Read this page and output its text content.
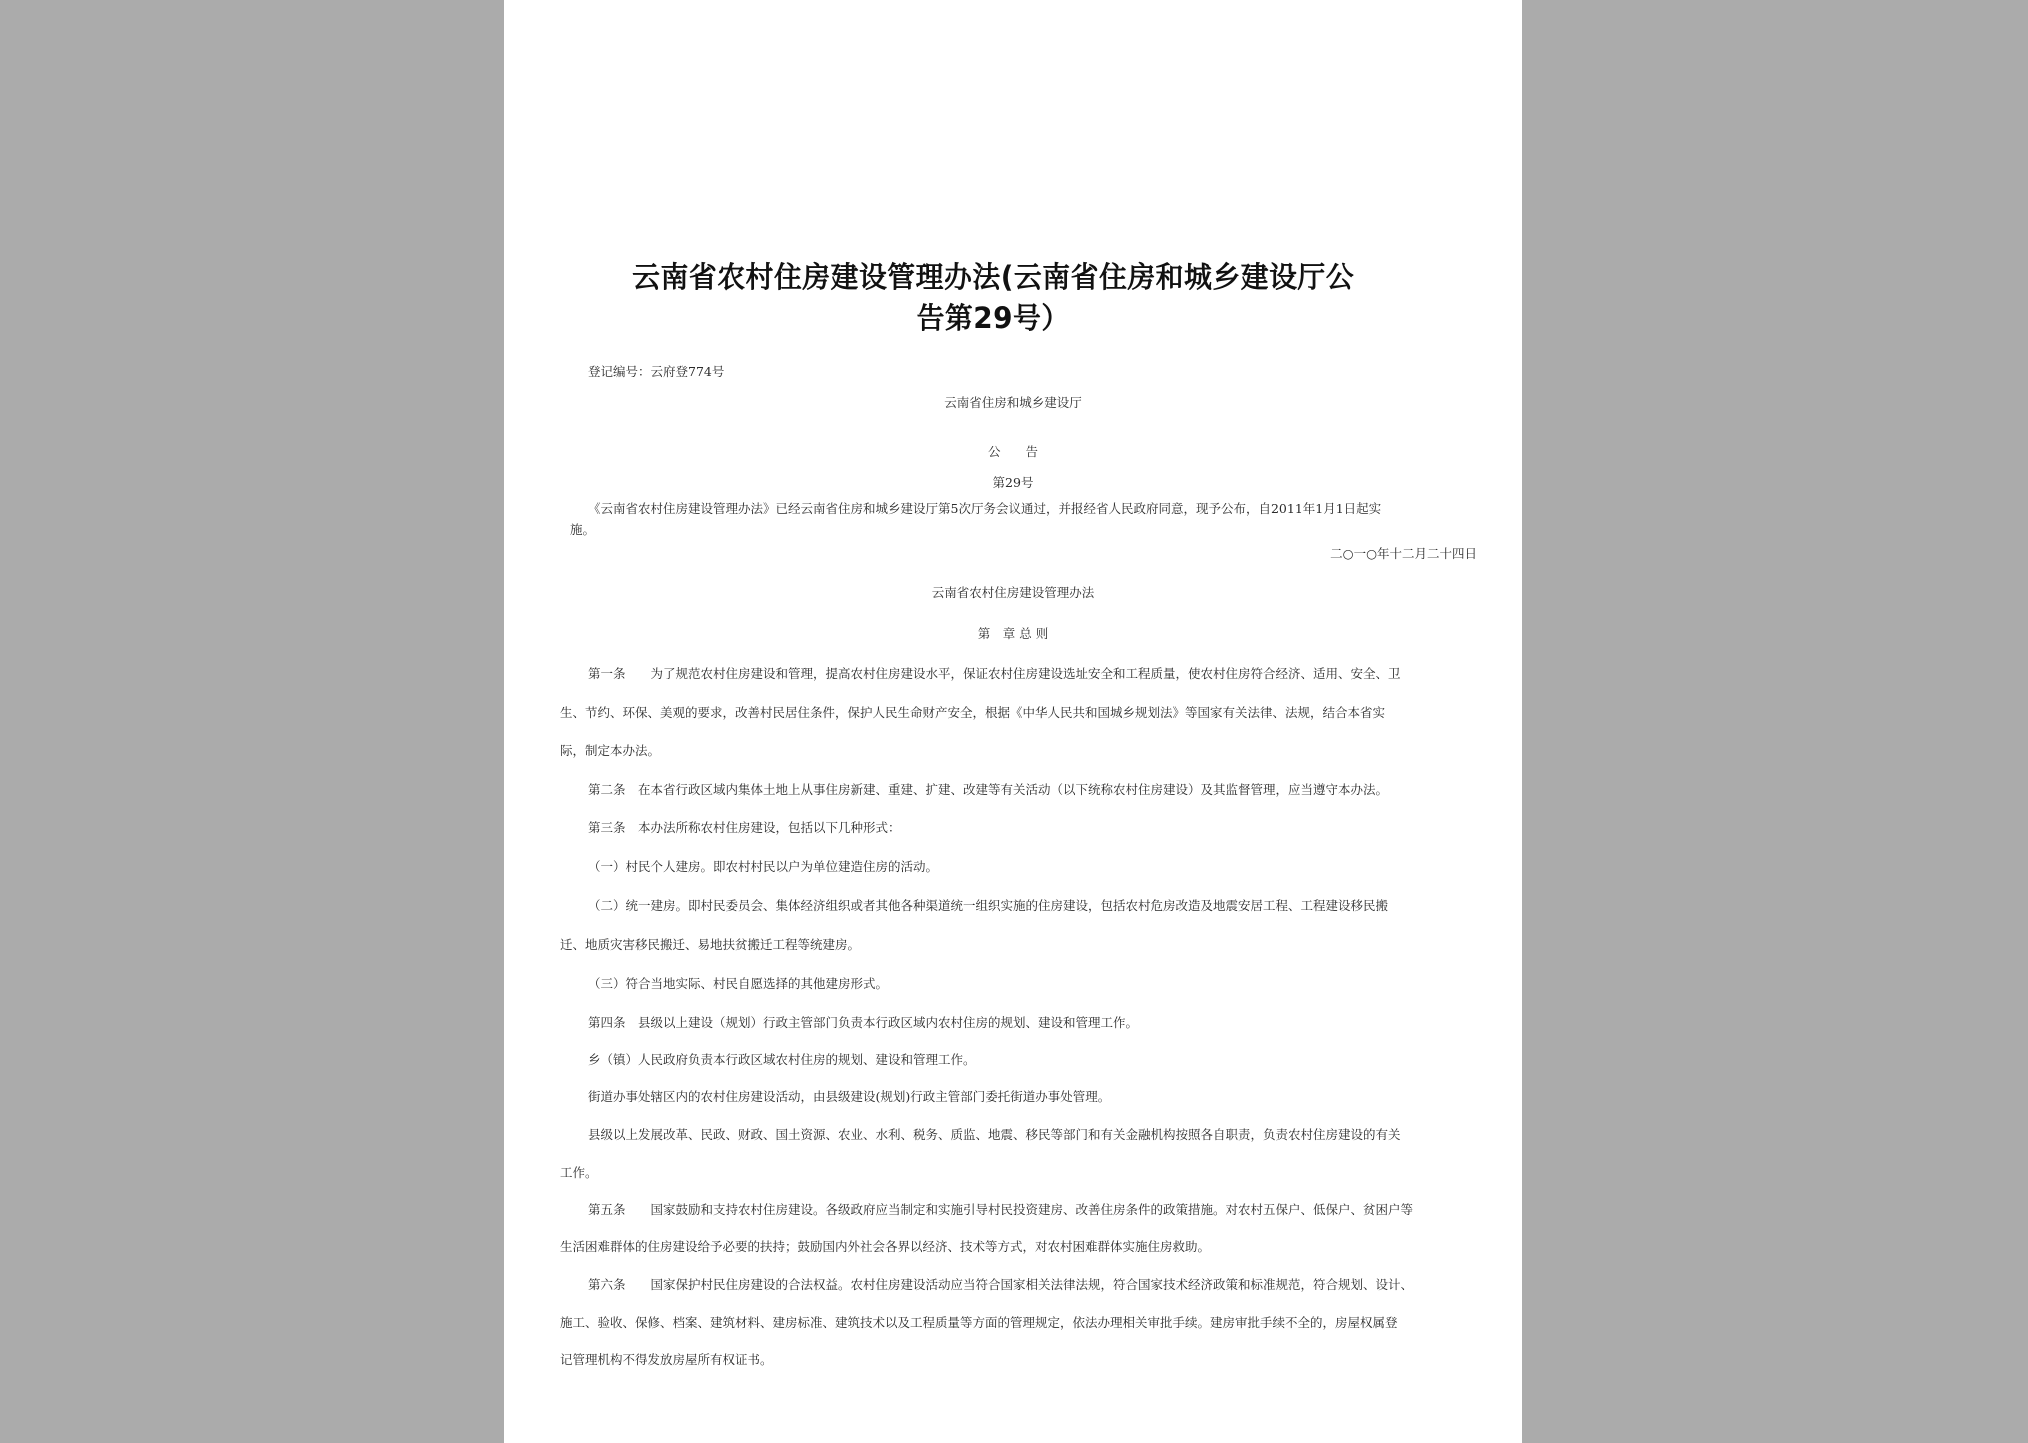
云南省农村住房建设管理办法(云南省住房和城乡建设厅公
告第29号）
登记编号：云府登774号
云南省住房和城乡建设厅
公　　告
第29号
《云南省农村住房建设管理办法》已经云南省住房和城乡建设厅第5次厅务会议通过，并报经省人民政府同意，现予公布，自2011年1月1日起实
施。
二○一○年十二月二十四日
云南省农村住房建设管理办法
第　章 总 则
第一条　　为了规范农村住房建设和管理，提高农村住房建设水平，保证农村住房建设选址安全和工程质量，使农村住房符合经济、适用、安全、卫
生、节约、环保、美观的要求，改善村民居住条件，保护人民生命财产安全，根据《中华人民共和国城乡规划法》等国家有关法律、法规，结合本省实
际，制定本办法。
第二条　在本省行政区域内集体土地上从事住房新建、重建、扩建、改建等有关活动（以下统称农村住房建设）及其监督管理，应当遵守本办法。
第三条　本办法所称农村住房建设，包括以下几种形式：
（一）村民个人建房。即农村村民以户为单位建造住房的活动。
（二）统一建房。即村民委员会、集体经济组织或者其他各种渠道统一组织实施的住房建设，包括农村危房改造及地震安居工程、工程建设移民搬
迁、地质灾害移民搬迁、易地扶贫搬迁工程等统建房。
（三）符合当地实际、村民自愿选择的其他建房形式。
第四条　县级以上建设（规划）行政主管部门负责本行政区域内农村住房的规划、建设和管理工作。
乡（镇）人民政府负责本行政区域农村住房的规划、建设和管理工作。
街道办事处辖区内的农村住房建设活动，由县级建设(规划)行政主管部门委托街道办事处管理。
县级以上发展改革、民政、财政、国土资源、农业、水利、税务、质监、地震、移民等部门和有关金融机构按照各自职责，负责农村住房建设的有关
工作。
第五条　　国家鼓励和支持农村住房建设。各级政府应当制定和实施引导村民投资建房、改善住房条件的政策措施。对农村五保户、低保户、贫困户等
生活困难群体的住房建设给予必要的扶持；鼓励国内外社会各界以经济、技术等方式，对农村困难群体实施住房救助。
第六条　　国家保护村民住房建设的合法权益。农村住房建设活动应当符合国家相关法律法规，符合国家技术经济政策和标准规范，符合规划、设计、
施工、验收、保修、档案、建筑材料、建房标准、建筑技术以及工程质量等方面的管理规定，依法办理相关审批手续。建房审批手续不全的，房屋权属登
记管理机构不得发放房屋所有权证书。
